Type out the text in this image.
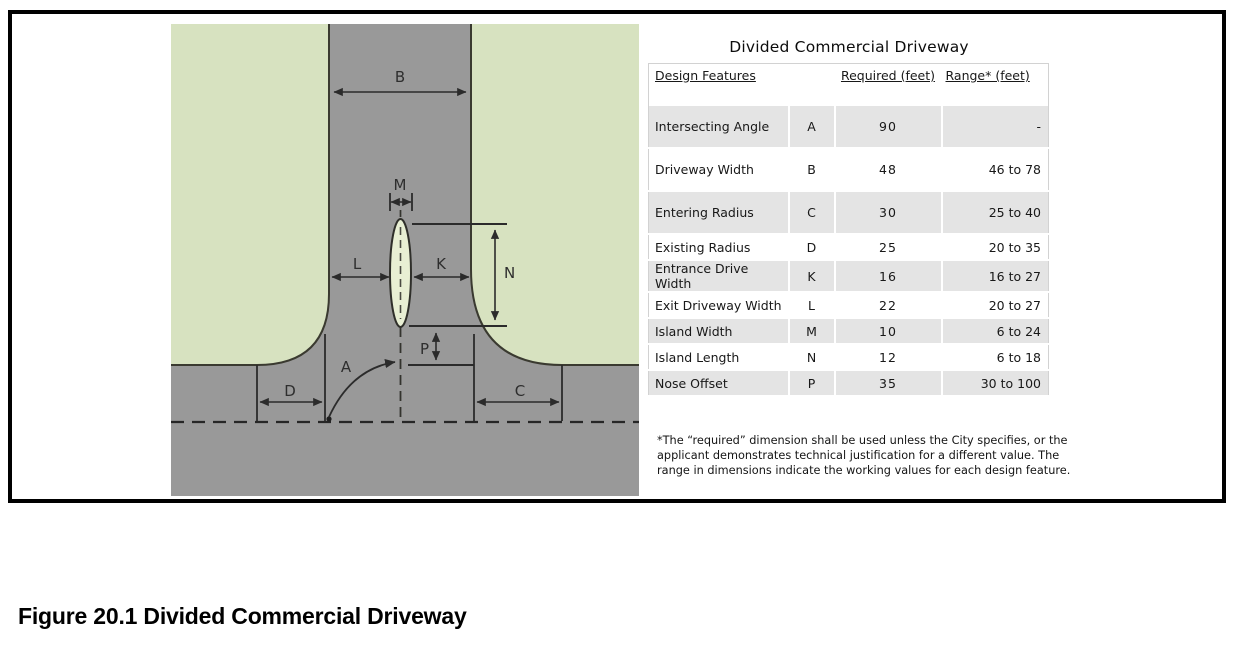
B
M
L	K	N
P
A
D	C
Divided Commercial Driveway
Design Features		Required (feet)	Range* (feet)
Intersecting Angle	A	90	-
Driveway Width	B	48	46 to 78
Entering Radius	C	30	25 to 40
Existing Radius	D	25	20 to 35
Entrance Drive Width	K	16	16 to 27
Exit Driveway Width	L	22	20 to 27
Island Width	M	10	6 to 24
Island Length	N	12	6 to 18
Nose Offset	P	35	30 to 100
*The “required” dimension shall be used unless the City specifies, or the applicant demonstrates technical justification for a different value. The range in dimensions indicate the working values for each design feature.
Figure 20.1 Divided Commercial Driveway
